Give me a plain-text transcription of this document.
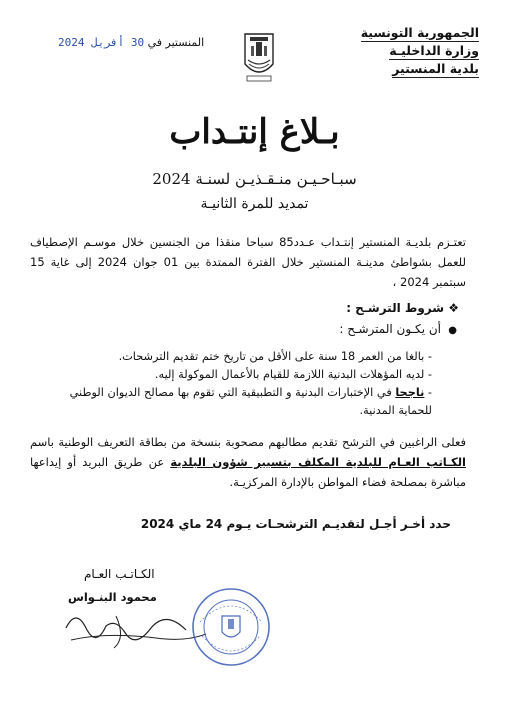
الجمهورية التونسية
وزارة الداخليـة
بلدية المنستير
المنستير في 30 أفريل 2024
بـلاغ إنتـداب
سبـاحـيـن منـقـذيـن لسنـة 2024
تمديد للمرة الثانيـة
تعتـزم بلديـة المنستير إنتـداب عـدد85 سباحا منقذا من الجنسين خلال موسـم الإصطياف للعمل بشواطئ مدينـة المنستير خلال الفترة الممتدة بين 01 جوان 2024 إلى غاية 15 سبتمبر 2024 ،
❖ شروط الترشـح :
أن يكـون المترشـح : ●
- بالغا من العمر 18 سنة على الأقل من تاريخ ختم تقديم الترشحات.
- لديه المؤهلات البدنية اللازمة للقيام بالأعمال الموكولة إليه.
- ناجحا في الإختبارات البدنية و التطبيقية التي تقوم بها مصالح الديوان الوطني للحماية المدنية.
فعلى الراغبين في الترشح تقديم مطالبهم مصحوبة بنسخة من بطاقة التعريف الوطنية باسم الكـاتب العـام للبلدية المكلف بتسيير شؤون البلدية عن طريق البريد أو إيداعها مباشرة بمصلحة فضاء المواطن بالإدارة المركزيـة.
حدد أخـر أجـل لتقديـم الترشحـات يـوم 24 ماي 2024
الكـاتـب العـام
محمود البنـواس
